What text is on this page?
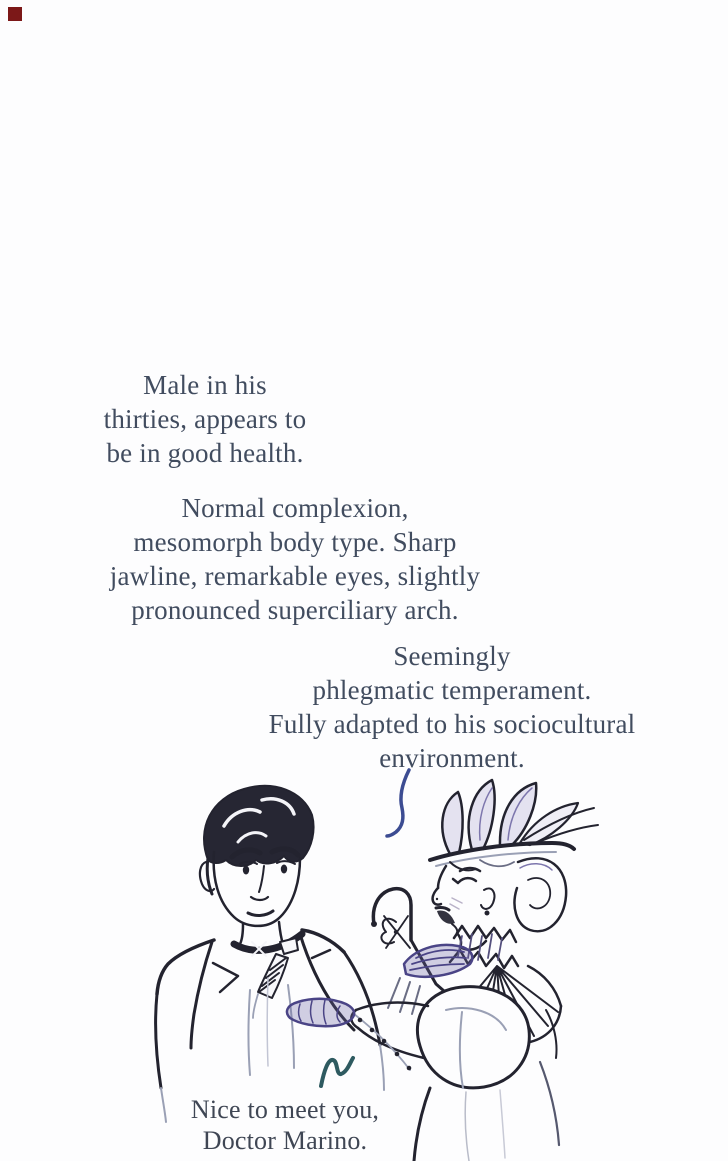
Male in his
thirties, appears to
be in good health.
Normal complexion,
mesomorph body type. Sharp
jawline, remarkable eyes, slightly
pronounced superciliary arch.
Seemingly
phlegmatic temperament.
Fully adapted to his sociocultural
environment.
Nice to meet you,
Doctor Marino.
